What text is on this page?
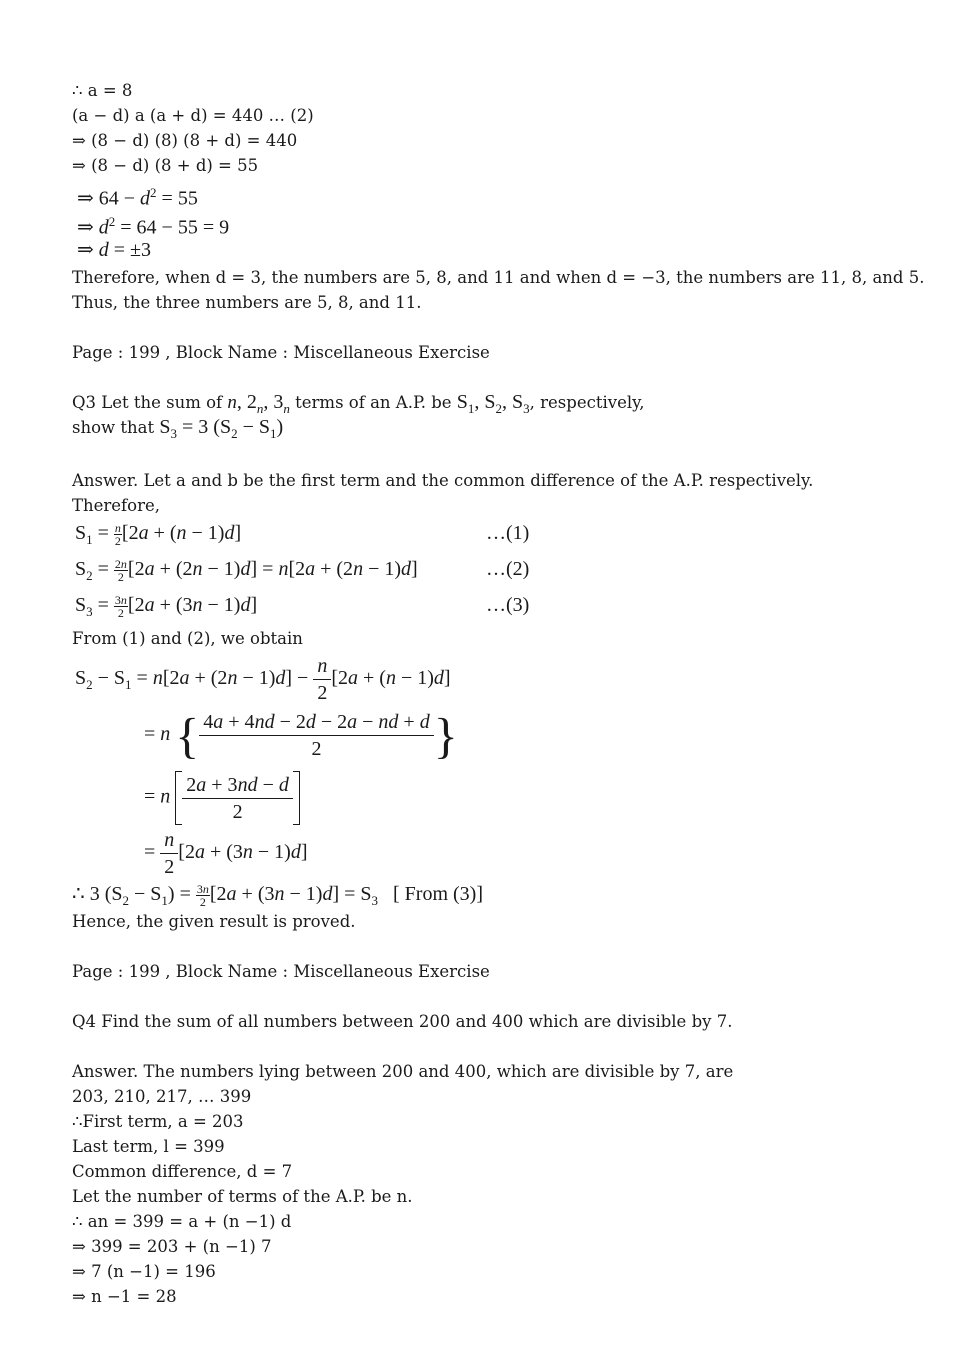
∴ a = 8
(a − d) a (a + d) = 440 … (2)
⇒ (8 − d) (8) (8 + d) = 440
⇒ (8 − d) (8 + d) = 55
⇒ $64 - d^2 = 55$
⇒ $d^2 = 64 - 55 = 9$
⇒ d = ±3
Therefore, when d = 3, the numbers are 5, 8, and 11 and when d = −3, the numbers are 11, 8, and 5.
Thus, the three numbers are 5, 8, and 11.
Page : 199 , Block Name : Miscellaneous Exercise
Q3 Let the sum of n, $2_n$, $3_n$ terms of an A.P. be $S_1$, $S_2$, $S_3$, respectively,
show that $S_3 = 3$ $(S_2 - S_1)$
Answer. Let a and b be the first term and the common difference of the A.P. respectively.
Therefore,
$S_1 = \frac{n}{2} [2a + (n - 1)d]$	…(1)
$S_2 = \frac{2n}{2} [2a + (2n - 1)d] = n[2a + (2n - 1)d]$	…(2)
$S_3 = \frac{3n}{2} [2a + (3n - 1)d]$	…(3)
From (1) and (2), we obtain
$S_2 - S_1 = n[2a + (2n - 1)d] - \frac{n}{2} [2a + (n - 1)d]$
= n { $\frac{4a + 4nd - 2d - 2a - nd + d}{2}$ }
= n $\frac{2a + 3nd - d}{2}$
= $\frac{n}{2} [2a + (3n - 1)d]$
∴ 3 $(S_2 - S_1) = \frac{3n}{2} [2a + (3n - 1)d] = S_3$   [ From (3)]
Hence, the given result is proved.
Page : 199 , Block Name : Miscellaneous Exercise
Q4 Find the sum of all numbers between 200 and 400 which are divisible by 7.
Answer. The numbers lying between 200 and 400, which are divisible by 7, are
203, 210, 217, … 399
∴First term, a = 203
Last term, l = 399
Common difference, d = 7
Let the number of terms of the A.P. be n.
∴ an = 399 = a + (n −1) d
⇒ 399 = 203 + (n −1) 7
⇒ 7 (n −1) = 196
⇒ n −1 = 28
